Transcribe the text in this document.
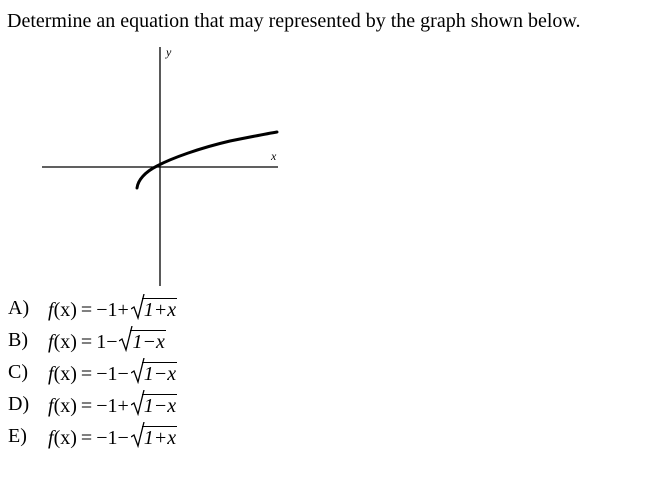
Determine an equation that may represented by the graph shown below.
y
x
A) f(x)  =  −1+ 1+x
B) f(x)  =  1− 1−x
C) f(x)  =  −1− 1−x
D) f(x)  =  −1+ 1−x
E) f(x)  =  −1− 1+x
